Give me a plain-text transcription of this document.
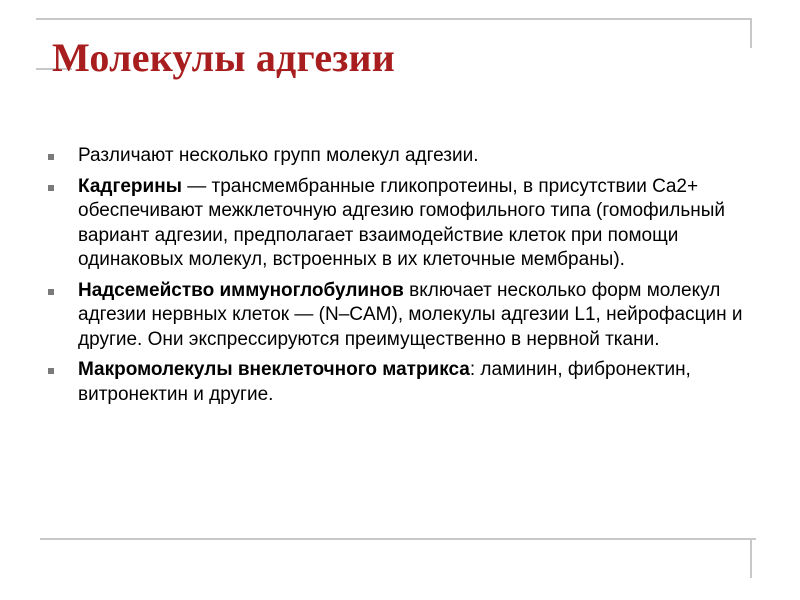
Молекулы адгезии
Различают несколько групп молекул адгезии.
Кадгерины — трансмембранные гликопротеины, в присутствии Ca2+ обеспечивают межклеточную адгезию гомофильного типа (гомофильный вариант адгезии, предполагает взаимодействие клеток при помощи одинаковых молекул, встроенных в их клеточные мембраны).
Надсемейство иммуноглобулинов включает несколько форм молекул адгезии нервных клеток — (N–CAM), молекулы адгезии L1, нейрофасцин и другие. Они экспрессируются преимущественно в нервной ткани.
Макромолекулы внеклеточного матрикса: ламинин, фибронектин, витронектин и другие.
